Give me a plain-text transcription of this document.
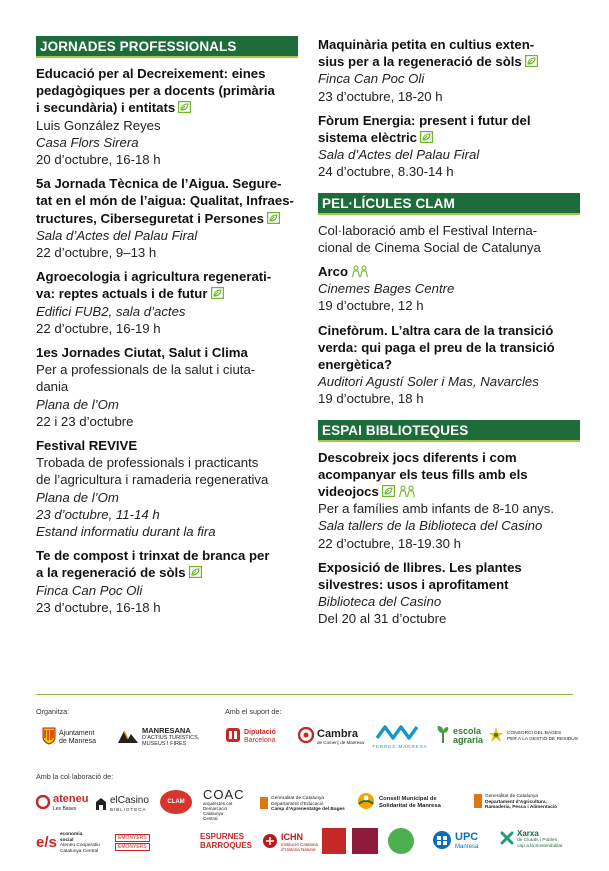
JORNADES PROFESSIONALS
Educació per al Decreixement: eines
pedagògiques per a docents (primària
i secundària) i entitats
Luis González Reyes
Casa Flors Sirera
20 d’octubre, 16-18 h
5a Jornada Tècnica de l’Aigua. Segure-
tat en el món de l’aigua: Qualitat, Infraes-
tructures, Ciberseguretat i Persones
Sala d’Actes del Palau Firal
22 d’octubre, 9–13 h
Agroecologia i agricultura regenerati-
va: reptes actuals i de futur
Edifici FUB2, sala d’actes
22 d’octubre, 16-19 h
1es Jornades Ciutat, Salut i Clima
Per a professionals de la salut i ciuta-
dania
Plana de l’Om
22 i 23 d’octubre
Festival REVIVE
Trobada de professionals i practicants
de l’agricultura i ramaderia regenerativa
Plana de l’Om
23 d’octubre, 11-14 h
Estand informatiu durant la fira
Te de compost i trinxat de branca per
a la regeneració de sòls
Finca Can Poc Oli
23 d’octubre, 16-18 h
Maquinària petita en cultius exten-
sius per a la regeneració de sòls
Finca Can Poc Oli
23 d’octubre, 18-20 h
Fòrum Energia: present i futur del
sistema elèctric
Sala d’Actes del Palau Firal
24 d’octubre, 8.30-14 h
PEL·LÍCULES CLAM
Col·laboració amb el Festival Interna-
cional de Cinema Social de Catalunya
Arco
Cinemes Bages Centre
19 d’octubre, 12 h
Cinefòrum. L’altra cara de la transició
verda: qui paga el preu de la transició
energètica?
Auditori Agustí Soler i Mas, Navarcles
19 d’octubre, 18 h
ESPAI BIBLIOTEQUES
Descobreix jocs diferents i com
acompanyar els teus fills amb els
videojocs
Per a famílies amb infants de 8-10 anys.
Sala tallers de la Biblioteca del Casino
22 d’octubre, 18-19.30 h
Exposició de llibres. Les plantes
silvestres: usos i aprofitament
Biblioteca del Casino
Del 20 al 31 d’octubre
Organitza:	Amb el suport de:
Amb la col·laboració de:
Ajuntament
de Manresa
MANRESANA
D’ACTIUS TURÍSTICS,
MUSEUS I FIRES
Diputació
Barcelona
Cambra
de Comerç de Manresa
TERRES MANRESA
escola
agraria
CONSORCI DEL BAGES
PER A LA GESTIÓ DE RESIDUS
ateneu
Les Bases
elCasino
BIBLIOTECA
CLAM	COAC
arquitectes.cat
Demarcació
Catalunya
Central
Generalitat de Catalunya
Departament d’Educació
Camp d’Aprenentatge del Bages
Consell Municipal de
Solidaritat de Manresa
Generalitat de Catalunya
Departament d’Agricultura,
Ramaderia, Pesca i Alimentació
e/s economia
social
Ateneu Cooperatiu
Catalunya Central
EMONYERS
EMONYERS
ESPURNES
BARROQUES
ICHN
Institució Catalana
d’Història Natural
UPC
Manresa
Xarxa
de Ciutats i Pobles
cap a la Sostenibilitat
